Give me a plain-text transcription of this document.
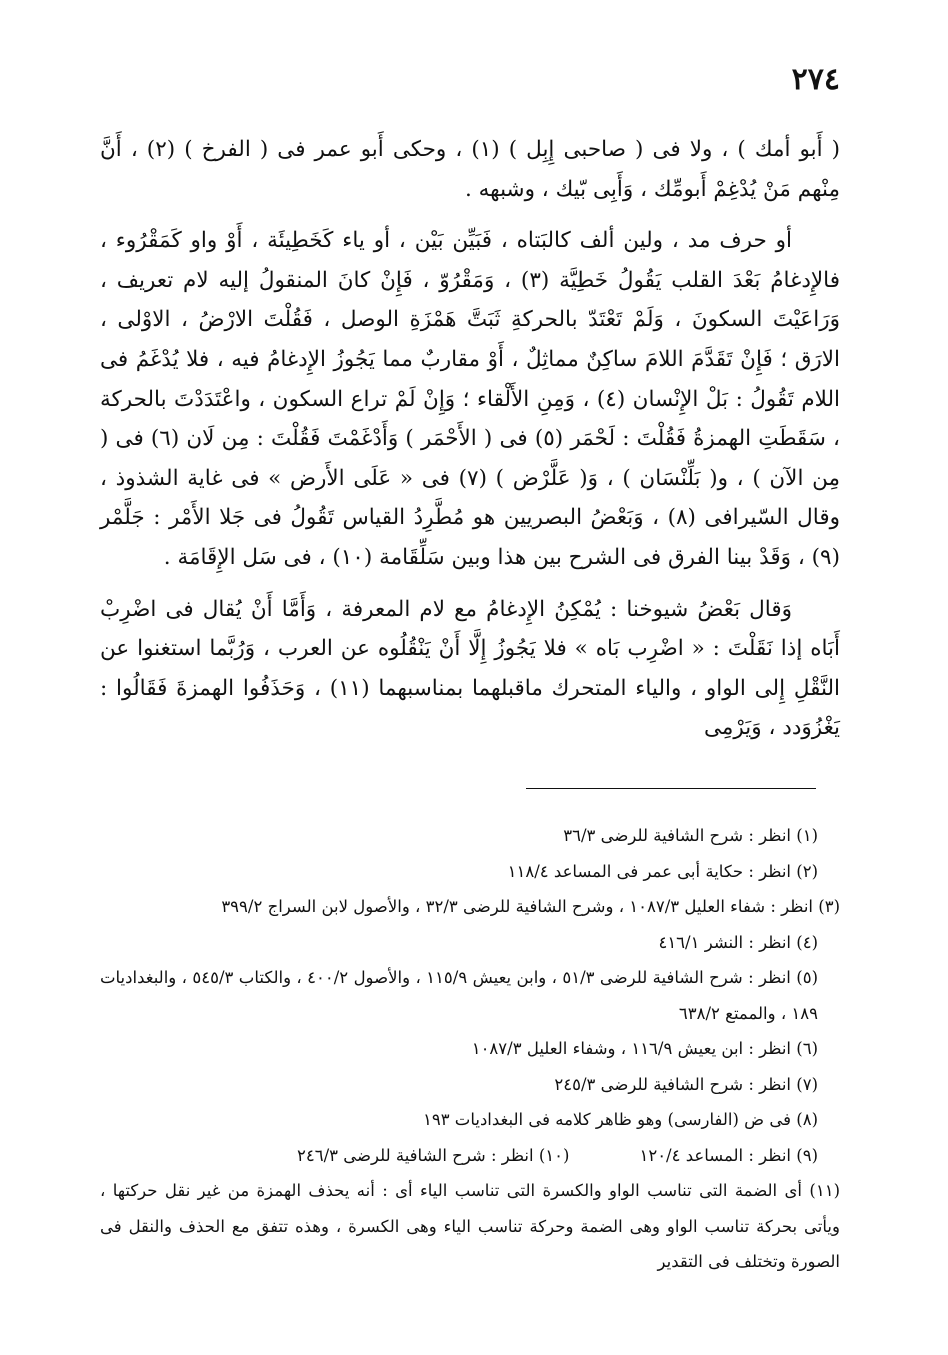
٢٧٤

( أَبو أمك ) ، ولا فى ( صاحبى إِبِل ) (١) ، وحكى أَبو عمر فى ( الفرخ ) (٢) ، أَنَّ مِنْهم مَنْ يُدْغِمْ أَبومِّك ، وَأَبِى بّيك ، وشبهه .

أو حرف مد ، ولين ألف كالبَتاه ، فَبَيِّن بَيْن ، أو ياء كَخَطِيئَة ، أَوْ واو كَمَقْرُوء ، فالإِدغامُ بَعْدَ القلب يَقُولُ خَطِيَّة (٣) ، وَمَقْرُوّ ، فَإِنْ كانَ المنقولُ إليه لام تعريف ، وَرَاعَيْتَ السكونَ ، وَلَمْ تَعْتَدّ بالحركةِ ثَبَتَّ هَمْزَةِ الوصل ، فَقُلْتَ الارْضُ ، الاوْلى ، الارَق ؛ فَإِنْ تَقَدَّمَ اللامَ ساكِنٌ مماثِلٌ ، أَوْ مقاربٌ مما يَجُوزُ الإِدغامُ فيه ، فلا يُدْغَمُ فى اللام تَقُولُ : بَلْ الإِنْسان (٤) ، وَمِنِ الأَلْقاء ؛ وَإِنْ لَمْ تراع السكون ، واعْتَدَدْتَ بالحركة ، سَقَطَتِ الهمزةُ فَقُلْتَ : لَحْمَر (٥) فى ( الأَحْمَر ) وَأَدْغَمْتَ فَقُلْتَ : مِن لَان (٦) فى ( مِن الآن ) ، و( بَلِّنْسَان ) ، وَ( عَلَّرْض ) (٧) فى « عَلَى الأَرض » فى غاية الشذوذ ، وقال السّيرافى (٨) ، وَبَعْضُ البصريين هو مُطَّرِدُ القياس تَقُولُ فى جَلا الأَمْر : جَلَّمْر (٩) ، وَقَدْ بينا الفرق فى الشرح بين هذا وبين سَلِّقَامة (١٠) ، فى سَل الإِقَامَة .

وَقال بَعْضُ شيوخنا : يُمْكِنُ الإِدغامُ مع لام المعرفة ، وَأَمَّا أَنْ يُقال فى اضْرِبْ أَبَاه إذا نَقَلْتَ : « اضْرِب بَاه » فلا يَجُوزُ إِلَّا أَنْ يَنْقُلُوه عن العرب ، وَرُبَّما استغنوا عن النَّقْلِ إِلى الواو ، والياء المتحرك ماقبلهما بمناسبهما (١١) ، وَحَذَفُوا الهمزةَ فَقَالُوا : يَغْزُوَدد ، وَيَرْمِى

(١) انظر : شرح الشافية للرضى ٣٦/٣

(٢) انظر : حكاية أبى عمر فى المساعد ١١٨/٤

(٣) انظر : شفاء العليل ١٠٨٧/٣ ، وشرح الشافية للرضى ٣٢/٣ ، والأصول لابن السراج ٣٩٩/٢

(٤) انظر : النشر ٤١٦/١

(٥) انظر : شرح الشافية للرضى ٥١/٣ ، وابن يعيش ١١٥/٩ ، والأصول ٤٠٠/٢ ، والكتاب ٥٤٥/٣ ، والبغداديات ١٨٩ ، والممتع ٦٣٨/٢

(٦) انظر : ابن يعيش ١١٦/٩ ، وشفاء العليل ١٠٨٧/٣

(٧) انظر : شرح الشافية للرضى ٢٤٥/٣

(٨) فى ض (الفارسى) وهو ظاهر كلامه فى البغداديات ١٩٣

(٩) انظر : المساعد ١٢٠/٤
(١٠) انظر : شرح الشافية للرضى ٢٤٦/٣

(١١) أى الضمة التى تناسب الواو والكسرة التى تناسب الياء أى : أنه يحذف الهمزة من غير نقل حركتها ، ويأتى بحركة تناسب الواو وهى الضمة وحركة تناسب الياء وهى الكسرة ، وهذه تتفق مع الحذف والنقل فى الصورة وتختلف فى التقدير
